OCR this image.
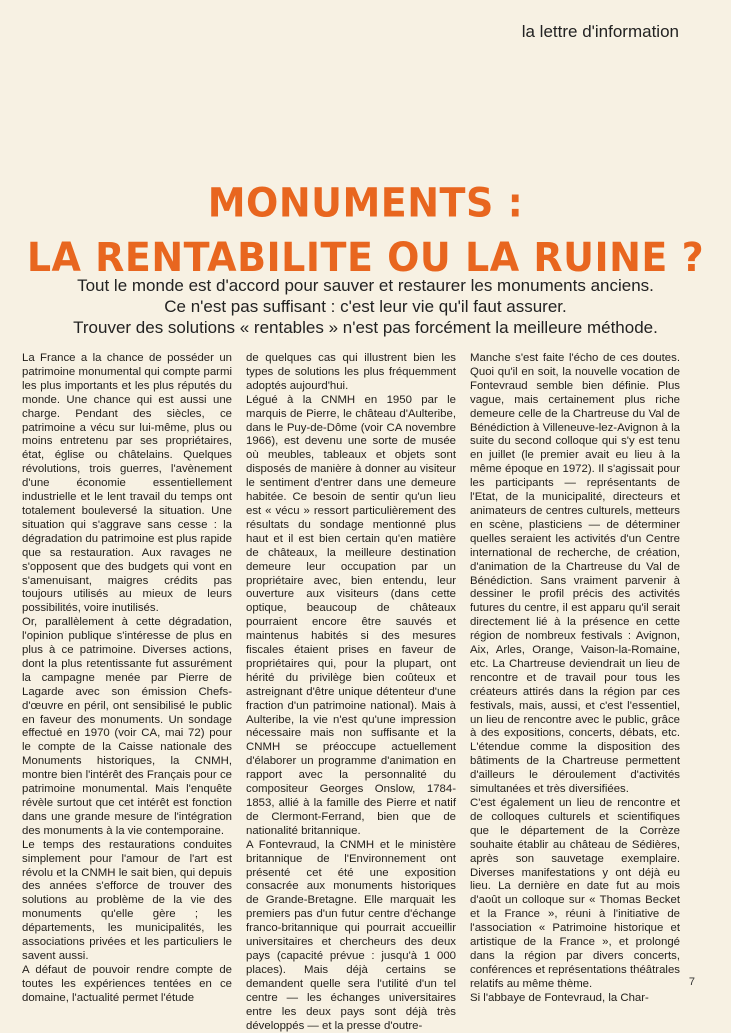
la lettre d'information
MONUMENTS :
LA RENTABILITE OU LA RUINE ?
Tout le monde est d'accord pour sauver et restaurer les monuments anciens.
Ce n'est pas suffisant : c'est leur vie qu'il faut assurer.
Trouver des solutions « rentables » n'est pas forcément la meilleure méthode.

La France a la chance de posséder un patrimoine monumental qui compte parmi les plus importants et les plus réputés du monde. Une chance qui est aussi une charge. Pendant des siècles, ce patrimoine a vécu sur lui-même, plus ou moins entretenu par ses propriétaires, état, église ou châtelains. Quelques révolutions, trois guerres, l'avènement d'une économie essentiellement industrielle et le lent travail du temps ont totalement bouleversé la situation. Une situation qui s'aggrave sans cesse : la dégradation du patrimoine est plus rapide que sa restauration. Aux ravages ne s'opposent que des budgets qui vont en s'amenuisant, maigres crédits pas toujours utilisés au mieux de leurs possibilités, voire inutilisés.

Or, parallèlement à cette dégradation, l'opinion publique s'intéresse de plus en plus à ce patrimoine. Diverses actions, dont la plus retentissante fut assurément la campagne menée par Pierre de Lagarde avec son émission Chefs-d'œuvre en péril, ont sensibilisé le public en faveur des monuments. Un sondage effectué en 1970 (voir CA, mai 72) pour le compte de la Caisse nationale des Monuments historiques, la CNMH, montre bien l'intérêt des Français pour ce patrimoine monumental. Mais l'enquête révèle surtout que cet intérêt est fonction dans une grande mesure de l'intégration des monuments à la vie contemporaine.

Le temps des restaurations conduites simplement pour l'amour de l'art est révolu et la CNMH le sait bien, qui depuis des années s'efforce de trouver des solutions au problème de la vie des monuments qu'elle gère ; les départements, les municipalités, les associations privées et les particuliers le savent aussi.

A défaut de pouvoir rendre compte de toutes les expériences tentées en ce domaine, l'actualité permet l'étude

de quelques cas qui illustrent bien les types de solutions les plus fréquemment adoptés aujourd'hui.

Légué à la CNMH en 1950 par le marquis de Pierre, le château d'Aulteribe, dans le Puy-de-Dôme (voir CA novembre 1966), est devenu une sorte de musée où meubles, tableaux et objets sont disposés de manière à donner au visiteur le sentiment d'entrer dans une demeure habitée. Ce besoin de sentir qu'un lieu est « vécu » ressort particulièrement des résultats du sondage mentionné plus haut et il est bien certain qu'en matière de châteaux, la meilleure destination demeure leur occupation par un propriétaire avec, bien entendu, leur ouverture aux visiteurs (dans cette optique, beaucoup de châteaux pourraient encore être sauvés et maintenus habités si des mesures fiscales étaient prises en faveur de propriétaires qui, pour la plupart, ont hérité du privilège bien coûteux et astreignant d'être unique détenteur d'une fraction d'un patrimoine national). Mais à Aulteribe, la vie n'est qu'une impression nécessaire mais non suffisante et la CNMH se préoccupe actuellement d'élaborer un programme d'animation en rapport avec la personnalité du compositeur Georges Onslow, 1784-1853, allié à la famille des Pierre et natif de Clermont-Ferrand, bien que de nationalité britannique.

A Fontevraud, la CNMH et le ministère britannique de l'Environnement ont présenté cet été une exposition consacrée aux monuments historiques de Grande-Bretagne. Elle marquait les premiers pas d'un futur centre d'échange franco-britannique qui pourrait accueillir universitaires et chercheurs des deux pays (capacité prévue : jusqu'à 1 000 places). Mais déjà certains se demandent quelle sera l'utilité d'un tel centre — les échanges universitaires entre les deux pays sont déjà très développés — et la presse d'outre-

Manche s'est faite l'écho de ces doutes. Quoi qu'il en soit, la nouvelle vocation de Fontevraud semble bien définie. Plus vague, mais certainement plus riche demeure celle de la Chartreuse du Val de Bénédiction à Villeneuve-lez-Avignon à la suite du second colloque qui s'y est tenu en juillet (le premier avait eu lieu à la même époque en 1972). Il s'agissait pour les participants — représentants de l'Etat, de la municipalité, directeurs et animateurs de centres culturels, metteurs en scène, plasticiens — de déterminer quelles seraient les activités d'un Centre international de recherche, de création, d'animation de la Chartreuse du Val de Bénédiction. Sans vraiment parvenir à dessiner le profil précis des activités futures du centre, il est apparu qu'il serait directement lié à la présence en cette région de nombreux festivals : Avignon, Aix, Arles, Orange, Vaison-la-Romaine, etc. La Chartreuse deviendrait un lieu de rencontre et de travail pour tous les créateurs attirés dans la région par ces festivals, mais, aussi, et c'est l'essentiel, un lieu de rencontre avec le public, grâce à des expositions, concerts, débats, etc. L'étendue comme la disposition des bâtiments de la Chartreuse permettent d'ailleurs le déroulement d'activités simultanées et très diversifiées.

C'est également un lieu de rencontre et de colloques culturels et scientifiques que le département de la Corrèze souhaite établir au château de Sédières, après son sauvetage exemplaire. Diverses manifestations y ont déjà eu lieu. La dernière en date fut au mois d'août un colloque sur « Thomas Becket et la France », réuni à l'initiative de l'association « Patrimoine historique et artistique de la France », et prolongé dans la région par divers concerts, conférences et représentations théâtrales relatifs au même thème.

Si l'abbaye de Fontevraud, la Char-

7
